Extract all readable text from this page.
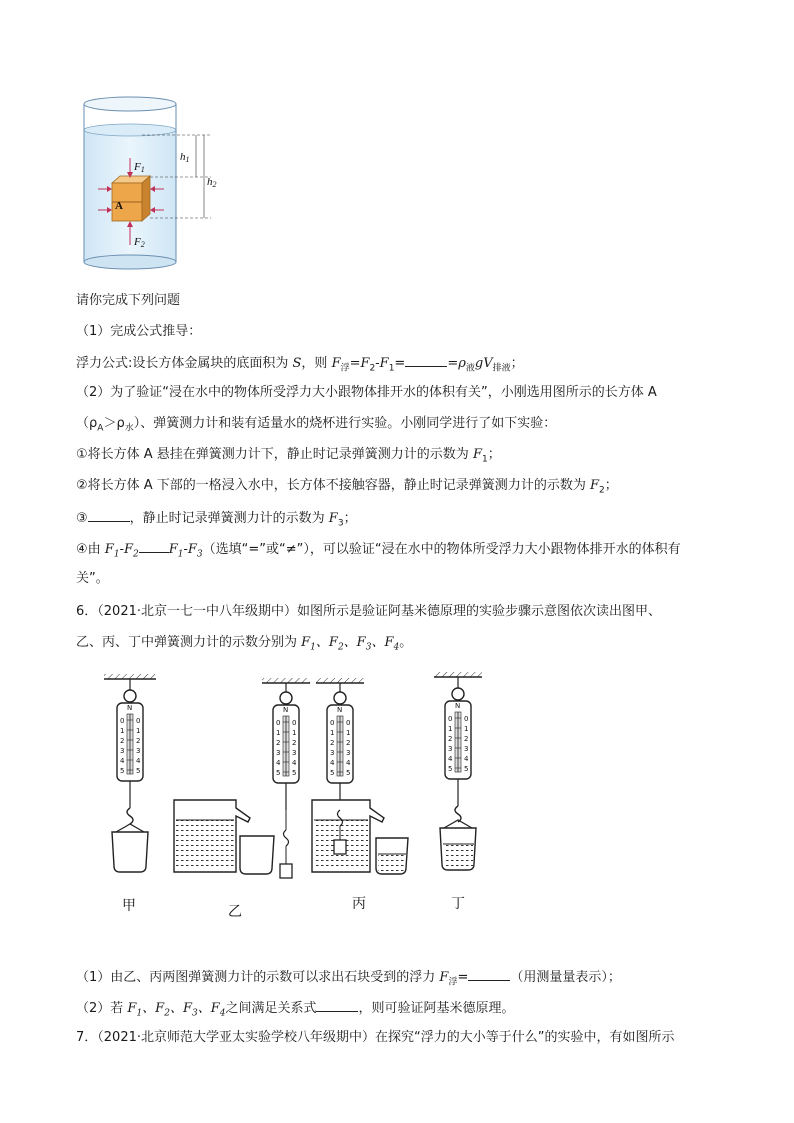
A
F1
F2
h1
h2
请你完成下列问题
（1）完成公式推导：
浮力公式:设长方体金属块的底面积为 S，则 $F_浮=F_2-F_1=$	$=\rho_液gV_{排液}$；
（2）为了验证“浸在水中的物体所受浮力大小跟物体排开水的体积有关”，小刚选用图所示的长方体 A
$(\rho_A>\rho_水)$、弹簧测力计和装有适量水的烧杯进行实验。小刚同学进行了如下实验：
①将长方体 A 悬挂在弹簧测力计下，静止时记录弹簧测力计的示数为 $F_1$；
②将长方体 A 下部的一格浸入水中，长方体不接触容器，静止时记录弹簧测力计的示数为 $F_2$；
③	，静止时记录弹簧测力计的示数为 $F_3$；
④由 $F_1-F_2$ $F_1-F_3$（选填“=”或“≠”），可以验证“浸在水中的物体所受浮力大小跟物体排开水的体积有
关”。
6．（2021·北京一七一中八年级期中）如图所示是验证阿基米德原理的实验步骤示意图依次读出图甲、
乙、丙、丁中弹簧测力计的示数分别为 $F_1$、$F_2$、$F_3$、$F_4$。
N
0 0
1 1
2 2
3 3
4 4
5 5
甲	乙
N
0 0
1 1
2 2
3 3
4 4
5 5
N
0 0
1 1
2 2
3 3
4 4
5 5
丙
N
0 0
1 1
2 2
3 3
4 4
5 5
丁
（1）由乙、丙两图弹簧测力计的示数可以求出石块受到的浮力 $F_浮=$	（用测量量表示）；
（2）若 $F_1$、$F_2$、$F_3$、$F_4$之间满足关系式	，则可验证阿基米德原理。
7．（2021·北京师范大学亚太实验学校八年级期中）在探究“浮力的大小等于什么”的实验中，有如图所示
